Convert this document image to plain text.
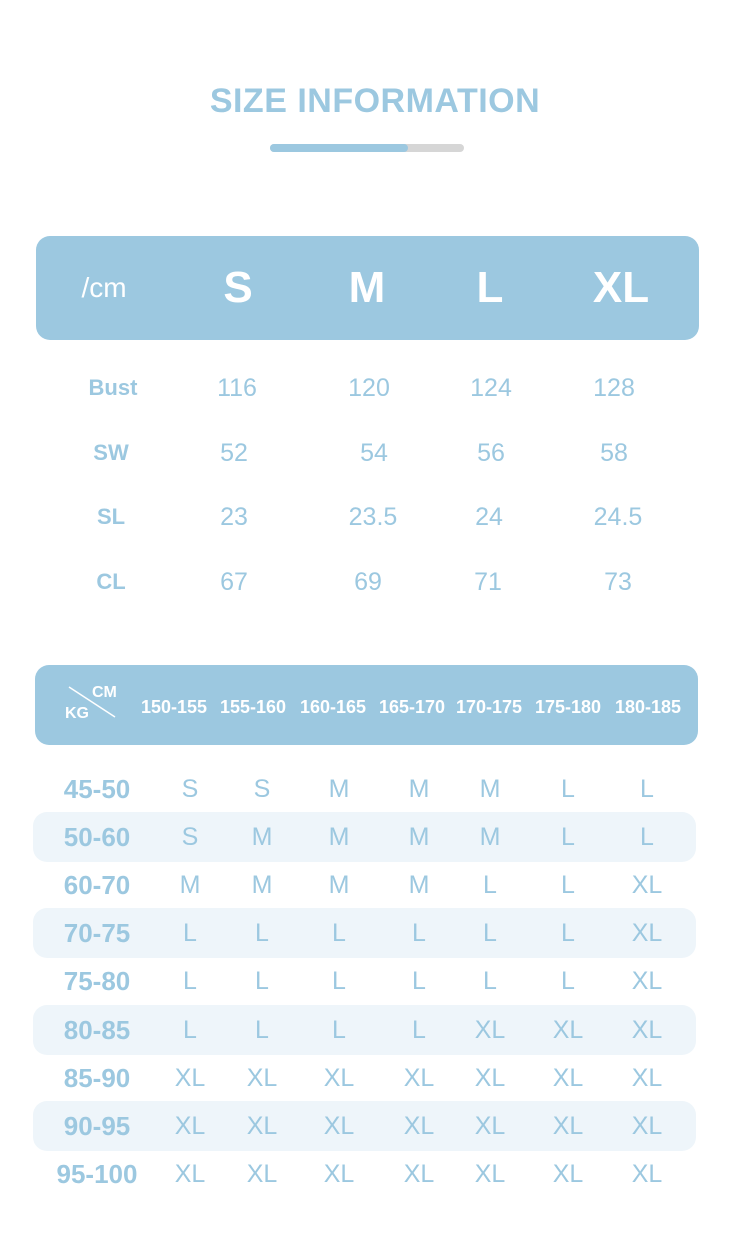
SIZE INFORMATION
/cm	S	M	L	XL
Bust	116	120	124	128
SW	52	54	56	58
SL	23	23.5	24	24.5
CL	67	69	71	73
CM
KG	150-155 155-160 160-165 165-170 170-175 175-180 180-185
45-50	S	S	M	M	M	L	L
50-60	S	M	M	M	M	L	L
60-70	M	M	M	M	L	L	XL
70-75	L	L	L	L	L	L	XL
75-80	L	L	L	L	L	L	XL
80-85	L	L	L	L	XL	XL	XL
85-90	XL	XL	XL	XL	XL	XL	XL
90-95	XL	XL	XL	XL	XL	XL	XL
95-100	XL	XL	XL	XL	XL	XL	XL
